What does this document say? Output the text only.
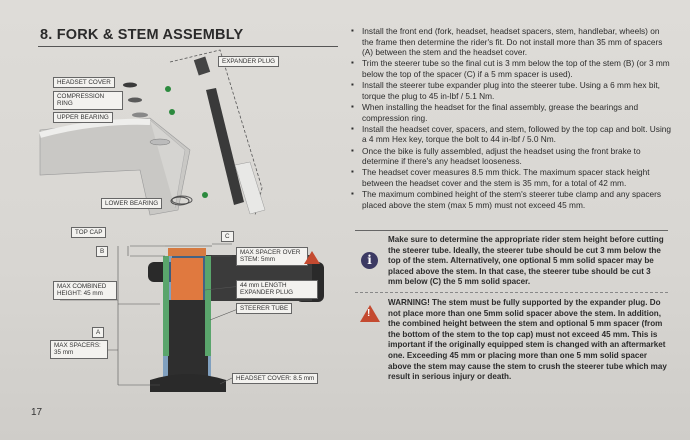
8. FORK & STEM ASSEMBLY
HEADSET COVER
COMPRESSION RING
UPPER BEARING
EXPANDER PLUG
LOWER BEARING
TOP CAP
B
C
MAX COMBINED HEIGHT: 45 mm
A
MAX SPACERS: 35 mm
MAX SPACER OVER STEM: 5mm
44 mm LENGTH EXPANDER PLUG
STEERER TUBE
HEADSET COVER: 8.5 mm
17
▪ Install the front end (fork, headset, headset spacers, stem, handlebar, wheels) on the frame then determine the rider's fit. Do not install more than 35 mm of spacers (A) between the stem and the headset cover.
▪ Trim the steerer tube so the final cut is 3 mm below the top of the stem (B) (or 3 mm below the top of the spacer (C) if a 5 mm spacer is used).
▪ Install the steerer tube expander plug into the steerer tube. Using a 6 mm hex bit, torque the plug to 45 in-lbf / 5.1 Nm.
▪ When installing the headset for the final assembly, grease the bearings and compression ring.
▪ Install the headset cover, spacers, and stem, followed by the top cap and bolt. Using a 4 mm Hex key, torque the bolt to 44 in-lbf / 5.0 Nm.
▪ Once the bike is fully assembled, adjust the headset using the front brake to determine if there's any headset looseness.
▪ The headset cover measures 8.5 mm thick. The maximum spacer stack height between the headset cover and the stem is 35 mm, for a total of 42 mm.
▪ The maximum combined height of the stem's steerer tube clamp and any spacers placed above the stem (max 5 mm) must not exceed 45 mm.
i
Make sure to determine the appropriate rider stem height before cutting the steerer tube. Ideally, the steerer tube should be cut 3 mm below the top of the stem. Alternatively, one optional 5 mm solid spacer may be placed above the stem. In that case, the steerer tube should be cut 3 mm below (C) the 5 mm solid spacer.
!
WARNING! The stem must be fully supported by the expander plug. Do not place more than one 5mm solid spacer above the stem. In addition, the combined height between the stem and optional 5 mm spacer (from the bottom of the stem to the top cap) must not exceed 45 mm. This is important if the originally equipped stem is changed with an aftermarket one. Exceeding 45 mm or placing more than one 5 mm solid spacer above the stem may cause the stem to crush the steerer tube which may result in serious injury or death.
